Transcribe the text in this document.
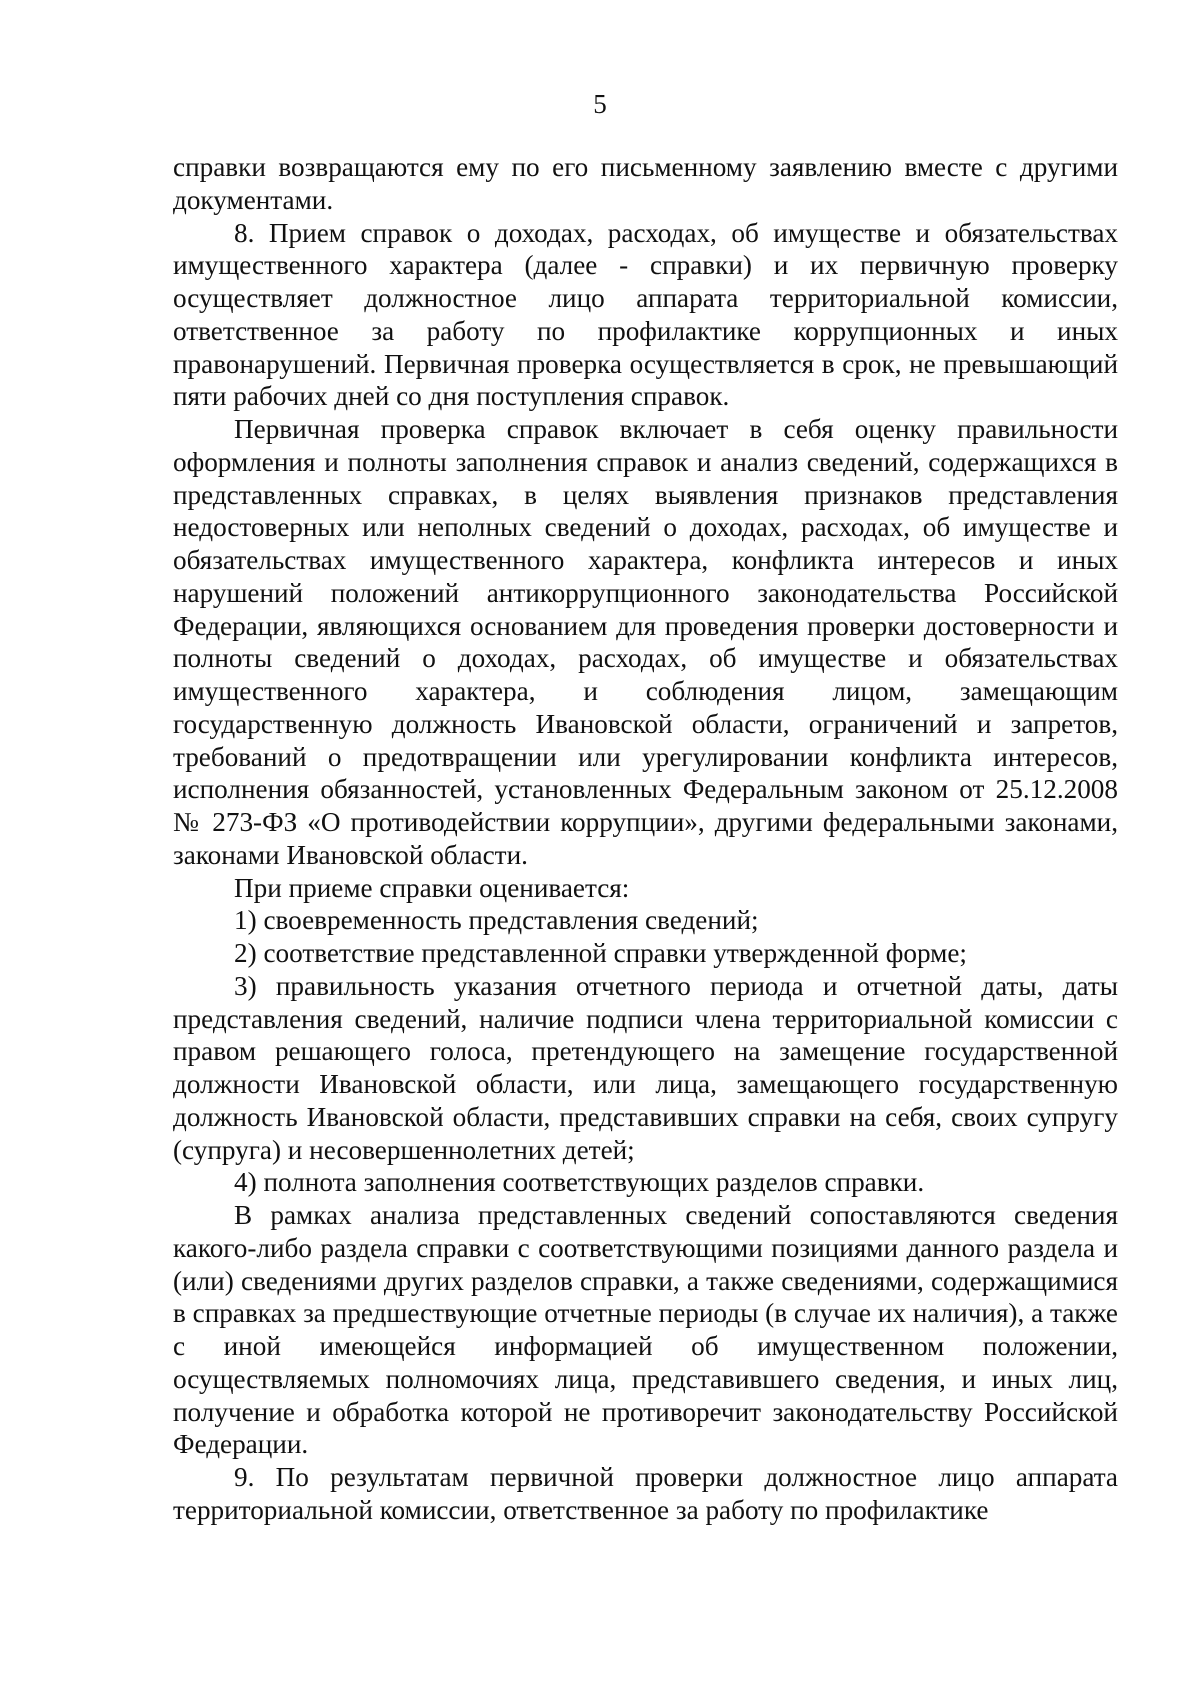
5

справки возвращаются ему по его письменному заявлению вместе с другими документами.

8. Прием справок о доходах, расходах, об имуществе и обязательствах имущественного характера (далее - справки) и их первичную проверку осуществляет должностное лицо аппарата территориальной комиссии, ответственное за работу по профилактике коррупционных и иных правонарушений. Первичная проверка осуществляется в срок, не превышающий пяти рабочих дней со дня поступления справок.

Первичная проверка справок включает в себя оценку правильности оформления и полноты заполнения справок и анализ сведений, содержащихся в представленных справках, в целях выявления признаков представления недостоверных или неполных сведений о доходах, расходах, об имуществе и обязательствах имущественного характера, конфликта интересов и иных нарушений положений антикоррупционного законодательства Российской Федерации, являющихся основанием для проведения проверки достоверности и полноты сведений о доходах, расходах, об имуществе и обязательствах имущественного характера, и соблюдения лицом, замещающим государственную должность Ивановской области, ограничений и запретов, требований о предотвращении или урегулировании конфликта интересов, исполнения обязанностей, установленных Федеральным законом от 25.12.2008 № 273-ФЗ «О противодействии коррупции», другими федеральными законами, законами Ивановской области.

При приеме справки оценивается:

1) своевременность представления сведений;

2) соответствие представленной справки утвержденной форме;

3) правильность указания отчетного периода и отчетной даты, даты представления сведений, наличие подписи члена территориальной комиссии с правом решающего голоса, претендующего на замещение государственной должности Ивановской области, или лица, замещающего государственную должность Ивановской области, представивших справки на себя, своих супругу (супруга) и несовершеннолетних детей;

4) полнота заполнения соответствующих разделов справки.

В рамках анализа представленных сведений сопоставляются сведения какого-либо раздела справки с соответствующими позициями данного раздела и (или) сведениями других разделов справки, а также сведениями, содержащимися в справках за предшествующие отчетные периоды (в случае их наличия), а также с иной имеющейся информацией об имущественном положении, осуществляемых полномочиях лица, представившего сведения, и иных лиц, получение и обработка которой не противоречит законодательству Российской Федерации.

9. По результатам первичной проверки должностное лицо аппарата территориальной комиссии, ответственное за работу по профилактике
